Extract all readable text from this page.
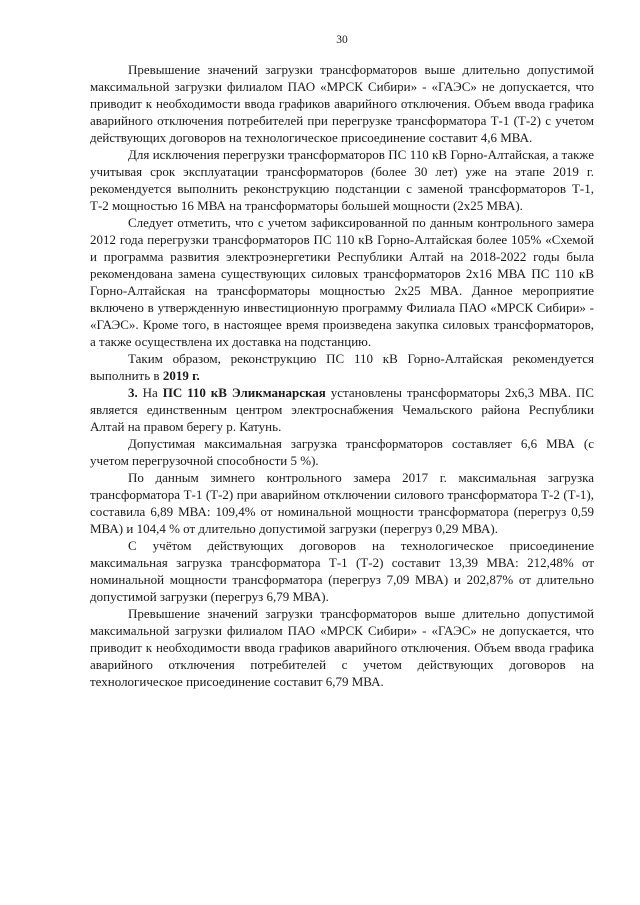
30

Превышение значений загрузки трансформаторов выше длительно допустимой максимальной загрузки филиалом ПАО «МРСК Сибири» - «ГАЭС» не допускается, что приводит к необходимости ввода графиков аварийного отключения. Объем ввода графика аварийного отключения потребителей при перегрузке трансформатора Т-1 (Т-2) с учетом действующих договоров на технологическое присоединение составит 4,6 МВА.

Для исключения перегрузки трансформаторов ПС 110 кВ Горно-Алтайская, а также учитывая срок эксплуатации трансформаторов (более 30 лет) уже на этапе 2019 г. рекомендуется выполнить реконструкцию подстанции с заменой трансформаторов Т-1, Т-2 мощностью 16 МВА на трансформаторы большей мощности (2х25 МВА).

Следует отметить, что с учетом зафиксированной по данным контрольного замера 2012 года перегрузки трансформаторов ПС 110 кВ Горно-Алтайская более 105% «Схемой и программа развития электроэнергетики Республики Алтай на 2018-2022 годы была рекомендована замена существующих силовых трансформаторов 2х16 МВА ПС 110 кВ Горно-Алтайская на трансформаторы мощностью 2х25 МВА. Данное мероприятие включено в утвержденную инвестиционную программу Филиала ПАО «МРСК Сибири» - «ГАЭС». Кроме того, в настоящее время произведена закупка силовых трансформаторов, а также осуществлена их доставка на подстанцию.

Таким образом, реконструкцию ПС 110 кВ Горно-Алтайская рекомендуется выполнить в 2019 г.

3. На ПС 110 кВ Эликманарская установлены трансформаторы 2х6,3 МВА. ПС является единственным центром электроснабжения Чемальского района Республики Алтай на правом берегу р. Катунь.

Допустимая максимальная загрузка трансформаторов составляет 6,6 МВА (с учетом перегрузочной способности 5 %).

По данным зимнего контрольного замера 2017 г. максимальная загрузка трансформатора Т-1 (Т-2) при аварийном отключении силового трансформатора Т-2 (Т-1), составила 6,89 МВА: 109,4% от номинальной мощности трансформатора (перегруз 0,59 МВА) и 104,4 % от длительно допустимой загрузки (перегруз 0,29 МВА).

С учётом действующих договоров на технологическое присоединение максимальная загрузка трансформатора Т-1 (Т-2) составит 13,39 МВА: 212,48% от номинальной мощности трансформатора (перегруз 7,09 МВА) и 202,87% от длительно допустимой загрузки (перегруз 6,79 МВА).

Превышение значений загрузки трансформаторов выше длительно допустимой максимальной загрузки филиалом ПАО «МРСК Сибири» - «ГАЭС» не допускается, что приводит к необходимости ввода графиков аварийного отключения. Объем ввода графика аварийного отключения потребителей с учетом действующих договоров на технологическое присоединение составит 6,79 МВА.
